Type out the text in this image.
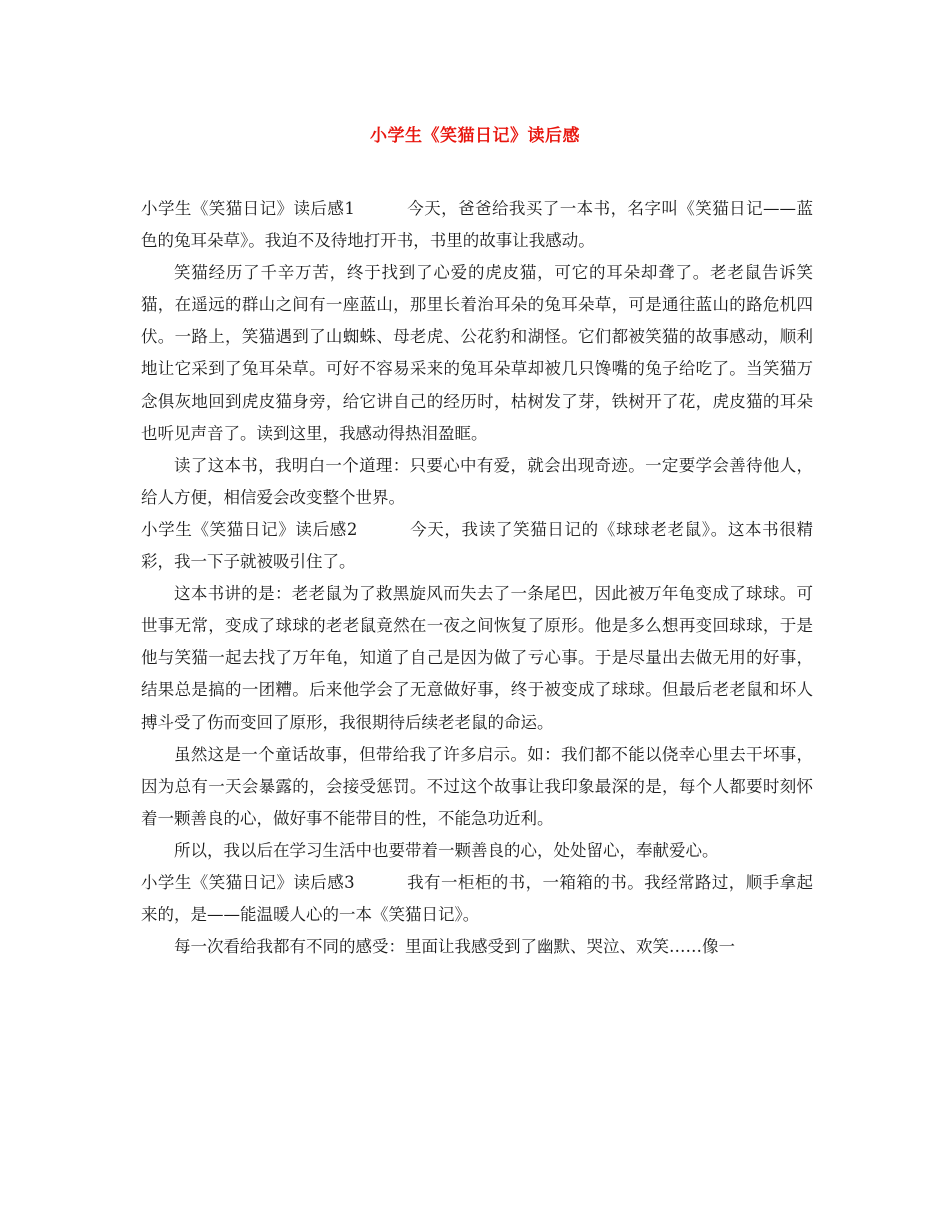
小学生《笑猫日记》读后感

小学生《笑猫日记》读后感1	今天，爸爸给我买了一本书，名字叫《笑猫日记——蓝色的兔耳朵草》。我迫不及待地打开书，书里的故事让我感动。

笑猫经历了千辛万苦，终于找到了心爱的虎皮猫，可它的耳朵却聋了。老老鼠告诉笑猫，在遥远的群山之间有一座蓝山，那里长着治耳朵的兔耳朵草，可是通往蓝山的路危机四伏。一路上，笑猫遇到了山蜘蛛、母老虎、公花豹和湖怪。它们都被笑猫的故事感动，顺利地让它采到了兔耳朵草。可好不容易采来的兔耳朵草却被几只馋嘴的兔子给吃了。当笑猫万念俱灰地回到虎皮猫身旁，给它讲自己的经历时，枯树发了芽，铁树开了花，虎皮猫的耳朵也听见声音了。读到这里，我感动得热泪盈眶。

读了这本书，我明白一个道理：只要心中有爱，就会出现奇迹。一定要学会善待他人，给人方便，相信爱会改变整个世界。

小学生《笑猫日记》读后感2	今天，我读了笑猫日记的《球球老老鼠》。这本书很精彩，我一下子就被吸引住了。

这本书讲的是：老老鼠为了救黑旋风而失去了一条尾巴，因此被万年龟变成了球球。可世事无常，变成了球球的老老鼠竟然在一夜之间恢复了原形。他是多么想再变回球球，于是他与笑猫一起去找了万年龟，知道了自己是因为做了亏心事。于是尽量出去做无用的好事，结果总是搞的一团糟。后来他学会了无意做好事，终于被变成了球球。但最后老老鼠和坏人搏斗受了伤而变回了原形，我很期待后续老老鼠的命运。

虽然这是一个童话故事，但带给我了许多启示。如：我们都不能以侥幸心里去干坏事，因为总有一天会暴露的，会接受惩罚。不过这个故事让我印象最深的是，每个人都要时刻怀着一颗善良的心，做好事不能带目的性，不能急功近利。

所以，我以后在学习生活中也要带着一颗善良的心，处处留心，奉献爱心。

小学生《笑猫日记》读后感3	我有一柜柜的书，一箱箱的书。我经常路过，顺手拿起来的，是——能温暖人心的一本《笑猫日记》。

每一次看给我都有不同的感受：里面让我感受到了幽默、哭泣、欢笑……像一
